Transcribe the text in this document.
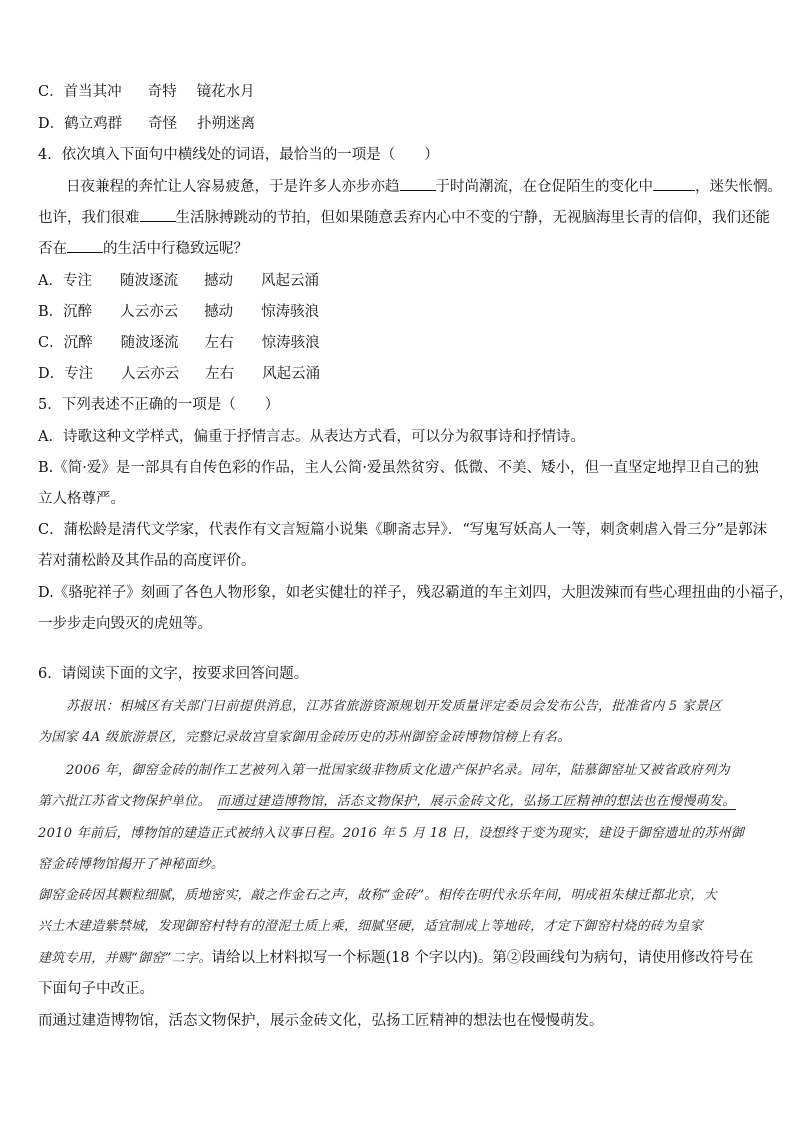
C．首当其冲 奇特 镜花水月
D．鹤立鸡群 奇怪 扑朔迷离
4．依次填入下面句中横线处的词语，最恰当的一项是（　　）
日夜兼程的奔忙让人容易疲惫，于是许多人亦步亦趋 于时尚潮流，在仓促陌生的变化中	，迷失怅惘。
也许，我们很难 生活脉搏跳动的节拍，但如果随意丢弃内心中不变的宁静，无视脑海里长青的信仰，我们还能
否在 的生活中行稳致远呢？
A．专注 随波逐流 撼动 风起云涌
B．沉醉 人云亦云 撼动 惊涛骇浪
C．沉醉 随波逐流 左右 惊涛骇浪
D．专注 人云亦云 左右 风起云涌
5．下列表述不正确的一项是（　　）
A．诗歌这种文学样式，偏重于抒情言志。从表达方式看，可以分为叙事诗和抒情诗。
B.《简·爱》是一部具有自传色彩的作品，主人公简·爱虽然贫穷、低微、不美、矮小，但一直坚定地捍卫自己的独
立人格尊严。
C．蒲松龄是清代文学家，代表作有文言短篇小说集《聊斋志异》．“写鬼写妖高人一等，刺贪刺虐入骨三分”是郭沫
若对蒲松龄及其作品的高度评价。
D.《骆驼祥子》刻画了各色人物形象，如老实健壮的祥子，残忍霸道的车主刘四，大胆泼辣而有些心理扭曲的小福子，
一步步走向毁灭的虎妞等。
6．请阅读下面的文字，按要求回答问题。
苏报讯：相城区有关部门日前提供消息，江苏省旅游资源规划开发质量评定委员会发布公告，批准省内 5 家景区
为国家 4A 级旅游景区，完整记录故宫皇家御用金砖历史的苏州御窑金砖博物馆榜上有名。
2006 年，御窑金砖的制作工艺被列入第一批国家级非物质文化遗产保护名录。同年，陆慕御窑址又被省政府列为
第六批江苏省文物保护单位。 而通过建造博物馆，活态文物保护，展示金砖文化，弘扬工匠精神的想法也在慢慢萌发。
2010 年前后，博物馆的建造正式被纳入议事日程。2016 年 5 月 18 日，设想终于变为现实，建设于御窑遗址的苏州御
窑金砖博物馆揭开了神秘面纱。
御窑金砖因其颗粒细腻，质地密实，敲之作金石之声，故称“金砖”。相传在明代永乐年间，明成祖朱棣迁都北京，大
兴土木建造紫禁城，发现御窑村特有的澄泥土质上乘，细腻坚硬，适宜制成上等地砖，才定下御窑村烧的砖为皇家
建筑专用，并赐“御窑”二字。请给以上材料拟写一个标题(18 个字以内)。第②段画线句为病句，请使用修改符号在
下面句子中改正。
而通过建造博物馆，活态文物保护，展示金砖文化，弘扬工匠精神的想法也在慢慢萌发。
